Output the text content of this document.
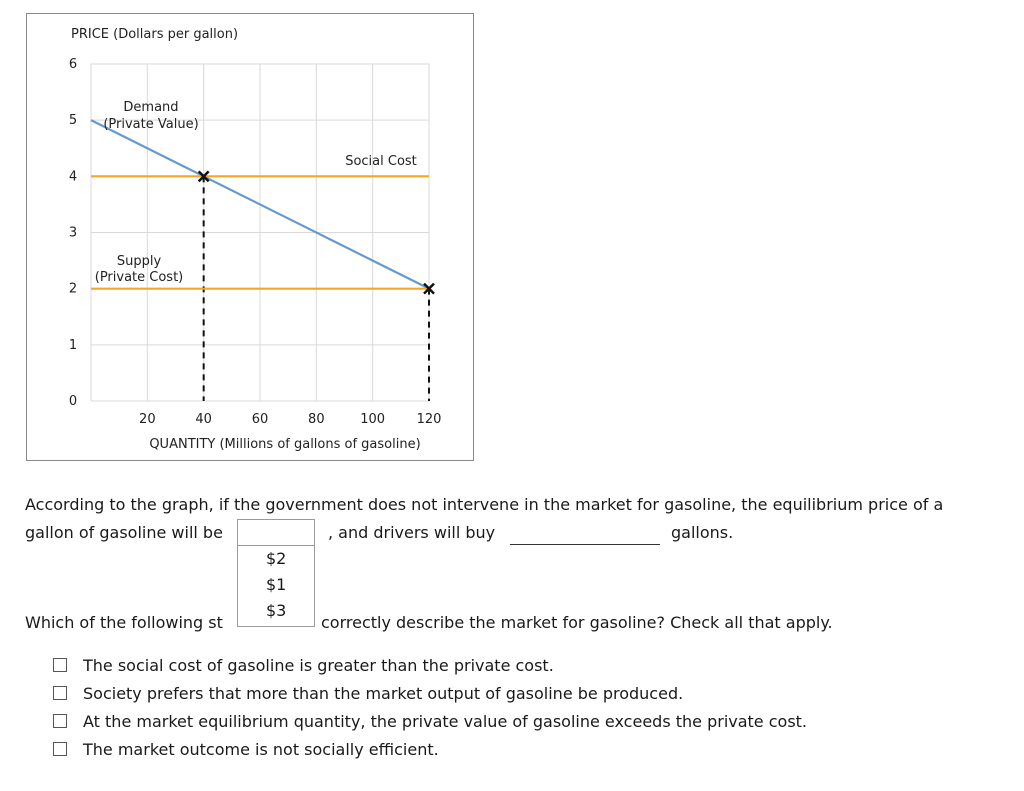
PRICE (Dollars per gallon)
6
5
4
3
2
1
0
20	40	60	80	100 120
Demand
(Private Value)
Supply
(Private Cost)
Social Cost
QUANTITY (Millions of gallons of gasoline)
According to the graph, if the government does not intervene in the market for gasoline, the equilibrium price of a
gallon of gasoline will be	, and drivers will buy	gallons.
Which of the following st	correctly describe the market for gasoline? Check all that apply.
$2
$1
$3
The social cost of gasoline is greater than the private cost.
Society prefers that more than the market output of gasoline be produced.
At the market equilibrium quantity, the private value of gasoline exceeds the private cost.
The market outcome is not socially efficient.
